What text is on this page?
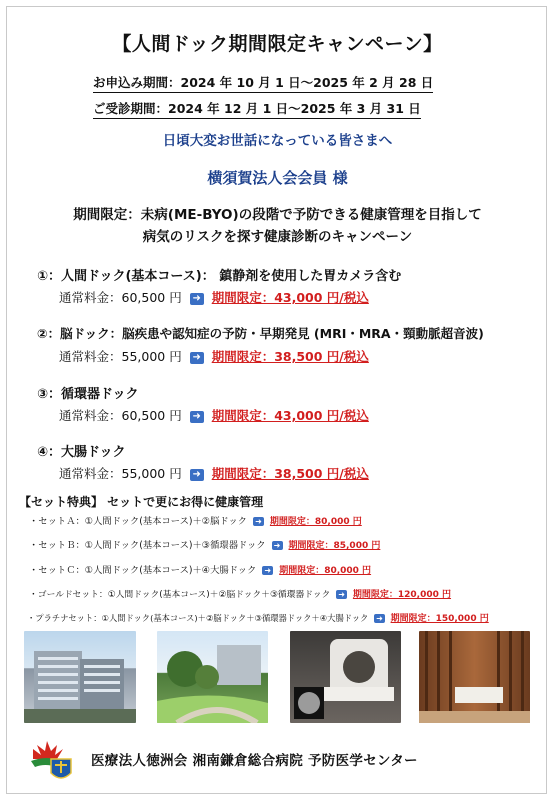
【人間ドック期間限定キャンペーン】
お申込み期間：2024 年 10 月 1 日～2025 年 2 月 28 日
ご受診期間：2024 年 12 月 1 日～2025 年 3 月 31 日
日頃大変お世話になっている皆さまへ
横須賀法人会会員 様
期間限定：未病(ME-BYO)の段階で予防できる健康管理を目指して
病気のリスクを探す健康診断のキャンペーン
①：人間ドック(基本コース)： 鎮静剤を使用した胃カメラ含む
通常料金：60,500 円 ➜ 期間限定：43,000 円/税込
②：脳ドック：脳疾患や認知症の予防・早期発見 (MRI・MRA・頸動脈超音波)
通常料金：55,000 円 ➜ 期間限定：38,500 円/税込
③：循環器ドック
通常料金：60,500 円 ➜ 期間限定：43,000 円/税込
④：大腸ドック
通常料金：55,000 円 ➜ 期間限定：38,500 円/税込
【セット特典】 セットで更にお得に健康管理
・セットＡ：①人間ドック(基本コース)＋②脳ドック ➜ 期間限定：80,000 円
・セットＢ：①人間ドック(基本コース)＋③循環器ドック ➜ 期間限定：85,000 円
・セットＣ：①人間ドック(基本コース)＋④大腸ドック ➜ 期間限定：80,000 円
・ゴールドセット：①人間ドック(基本コース)＋②脳ドック＋③循環器ドック ➜ 期間限定：120,000 円
・プラチナセット：①人間ドック(基本コース)＋②脳ドック＋③循環器ドック＋④大腸ドック ➜ 期間限定：150,000 円
医療法人徳洲会 湘南鎌倉総合病院 予防医学センター
